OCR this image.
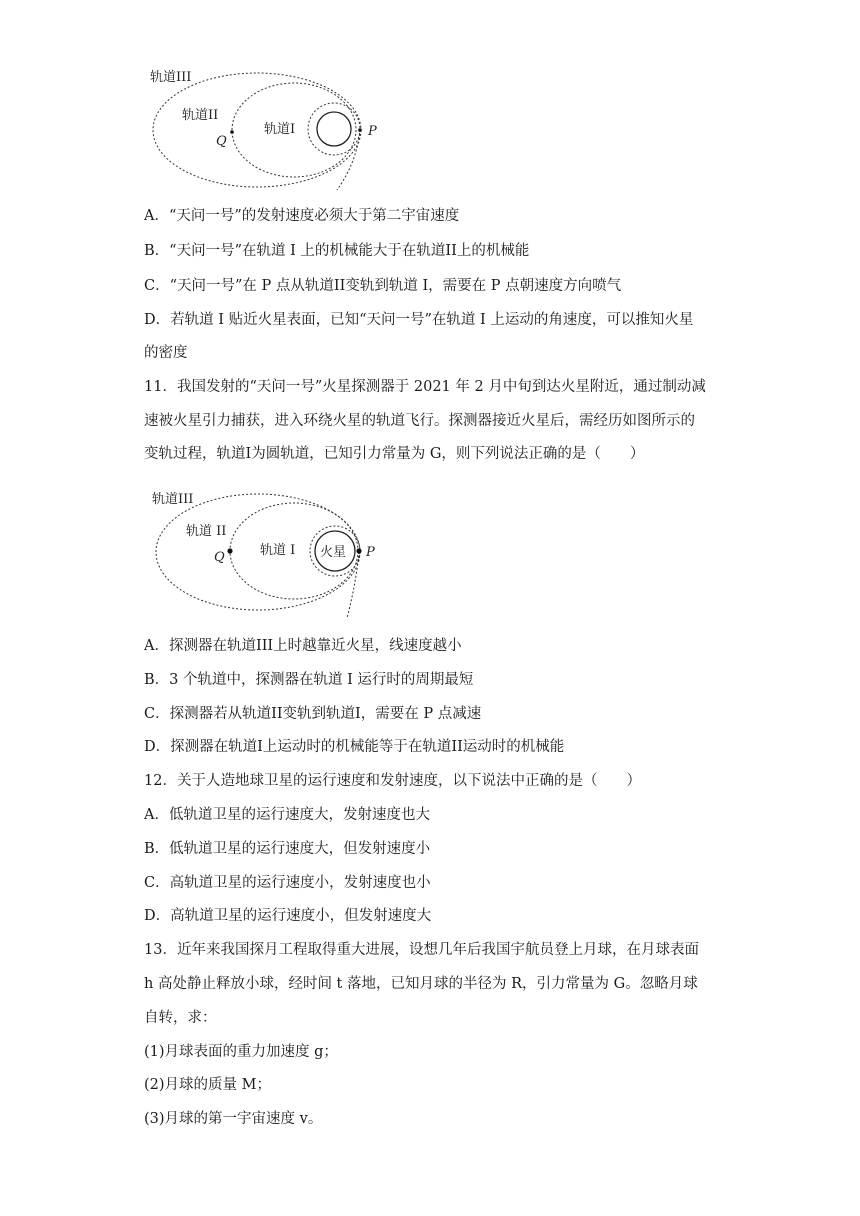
轨道III
轨道II
轨道I
Q
P
A．“天问一号”的发射速度必须大于第二宇宙速度
B．“天问一号”在轨道 I 上的机械能大于在轨道II上的机械能
C．“天问一号”在 P 点从轨道II变轨到轨道 I，需要在 P 点朝速度方向喷气
D．若轨道 I 贴近火星表面，已知“天问一号”在轨道 I 上运动的角速度，可以推知火星
的密度
11．我国发射的“天问一号”火星探测器于 2021 年 2 月中旬到达火星附近，通过制动减
速被火星引力捕获，进入环绕火星的轨道飞行。探测器接近火星后，需经历如图所示的
变轨过程，轨道I为圆轨道，已知引力常量为 G，则下列说法正确的是（　　）
轨道III
轨道 II
轨道 I 火星
Q	P
A．探测器在轨道III上时越靠近火星，线速度越小
B．3 个轨道中，探测器在轨道 I 运行时的周期最短
C．探测器若从轨道II变轨到轨道I，需要在 P 点减速
D．探测器在轨道I上运动时的机械能等于在轨道II运动时的机械能
12．关于人造地球卫星的运行速度和发射速度，以下说法中正确的是（　　）
A．低轨道卫星的运行速度大，发射速度也大
B．低轨道卫星的运行速度大，但发射速度小
C．高轨道卫星的运行速度小，发射速度也小
D．高轨道卫星的运行速度小，但发射速度大
13．近年来我国探月工程取得重大进展，设想几年后我国宇航员登上月球，在月球表面
h 高处静止释放小球，经时间 t 落地，已知月球的半径为 R，引力常量为 G。忽略月球
自转，求：
(1)月球表面的重力加速度 g；
(2)月球的质量 M；
(3)月球的第一宇宙速度 v。
